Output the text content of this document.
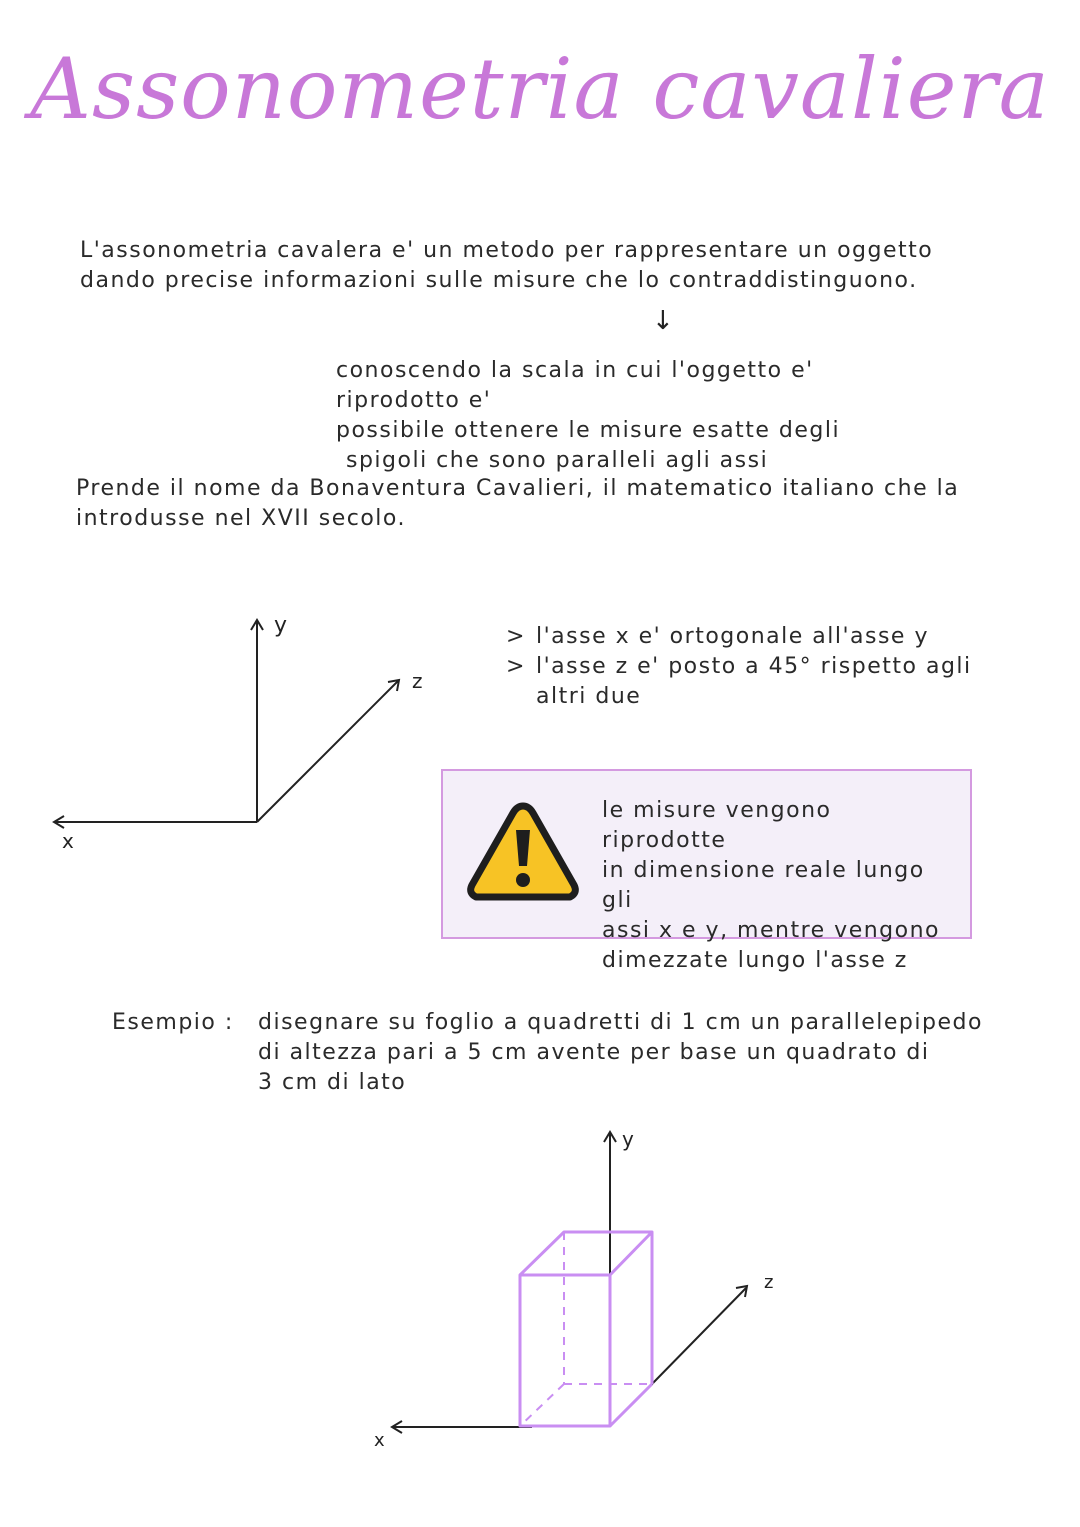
Assonometria cavaliera
L'assonometria cavalera e' un metodo per rappresentare un oggetto
dando precise informazioni sulle misure che lo contraddistinguono.
↓
conoscendo la scala in cui l'oggetto e' riprodotto e'
possibile ottenere le misure esatte degli
spigoli che sono paralleli agli assi
Prende il nome da Bonaventura Cavalieri, il matematico italiano che la
introdusse nel XVII secolo.
y
x
z
> l'asse x e' ortogonale all'asse y
> l'asse z e' posto a 45° rispetto agli altri due
le misure vengono riprodotte
in dimensione reale lungo gli
assi x e y, mentre vengono
dimezzate lungo l'asse z
Esempio : disegnare su foglio a quadretti di 1 cm un parallelepipedo
di altezza pari a 5 cm avente per base un quadrato di
3 cm di lato
y
x
z
